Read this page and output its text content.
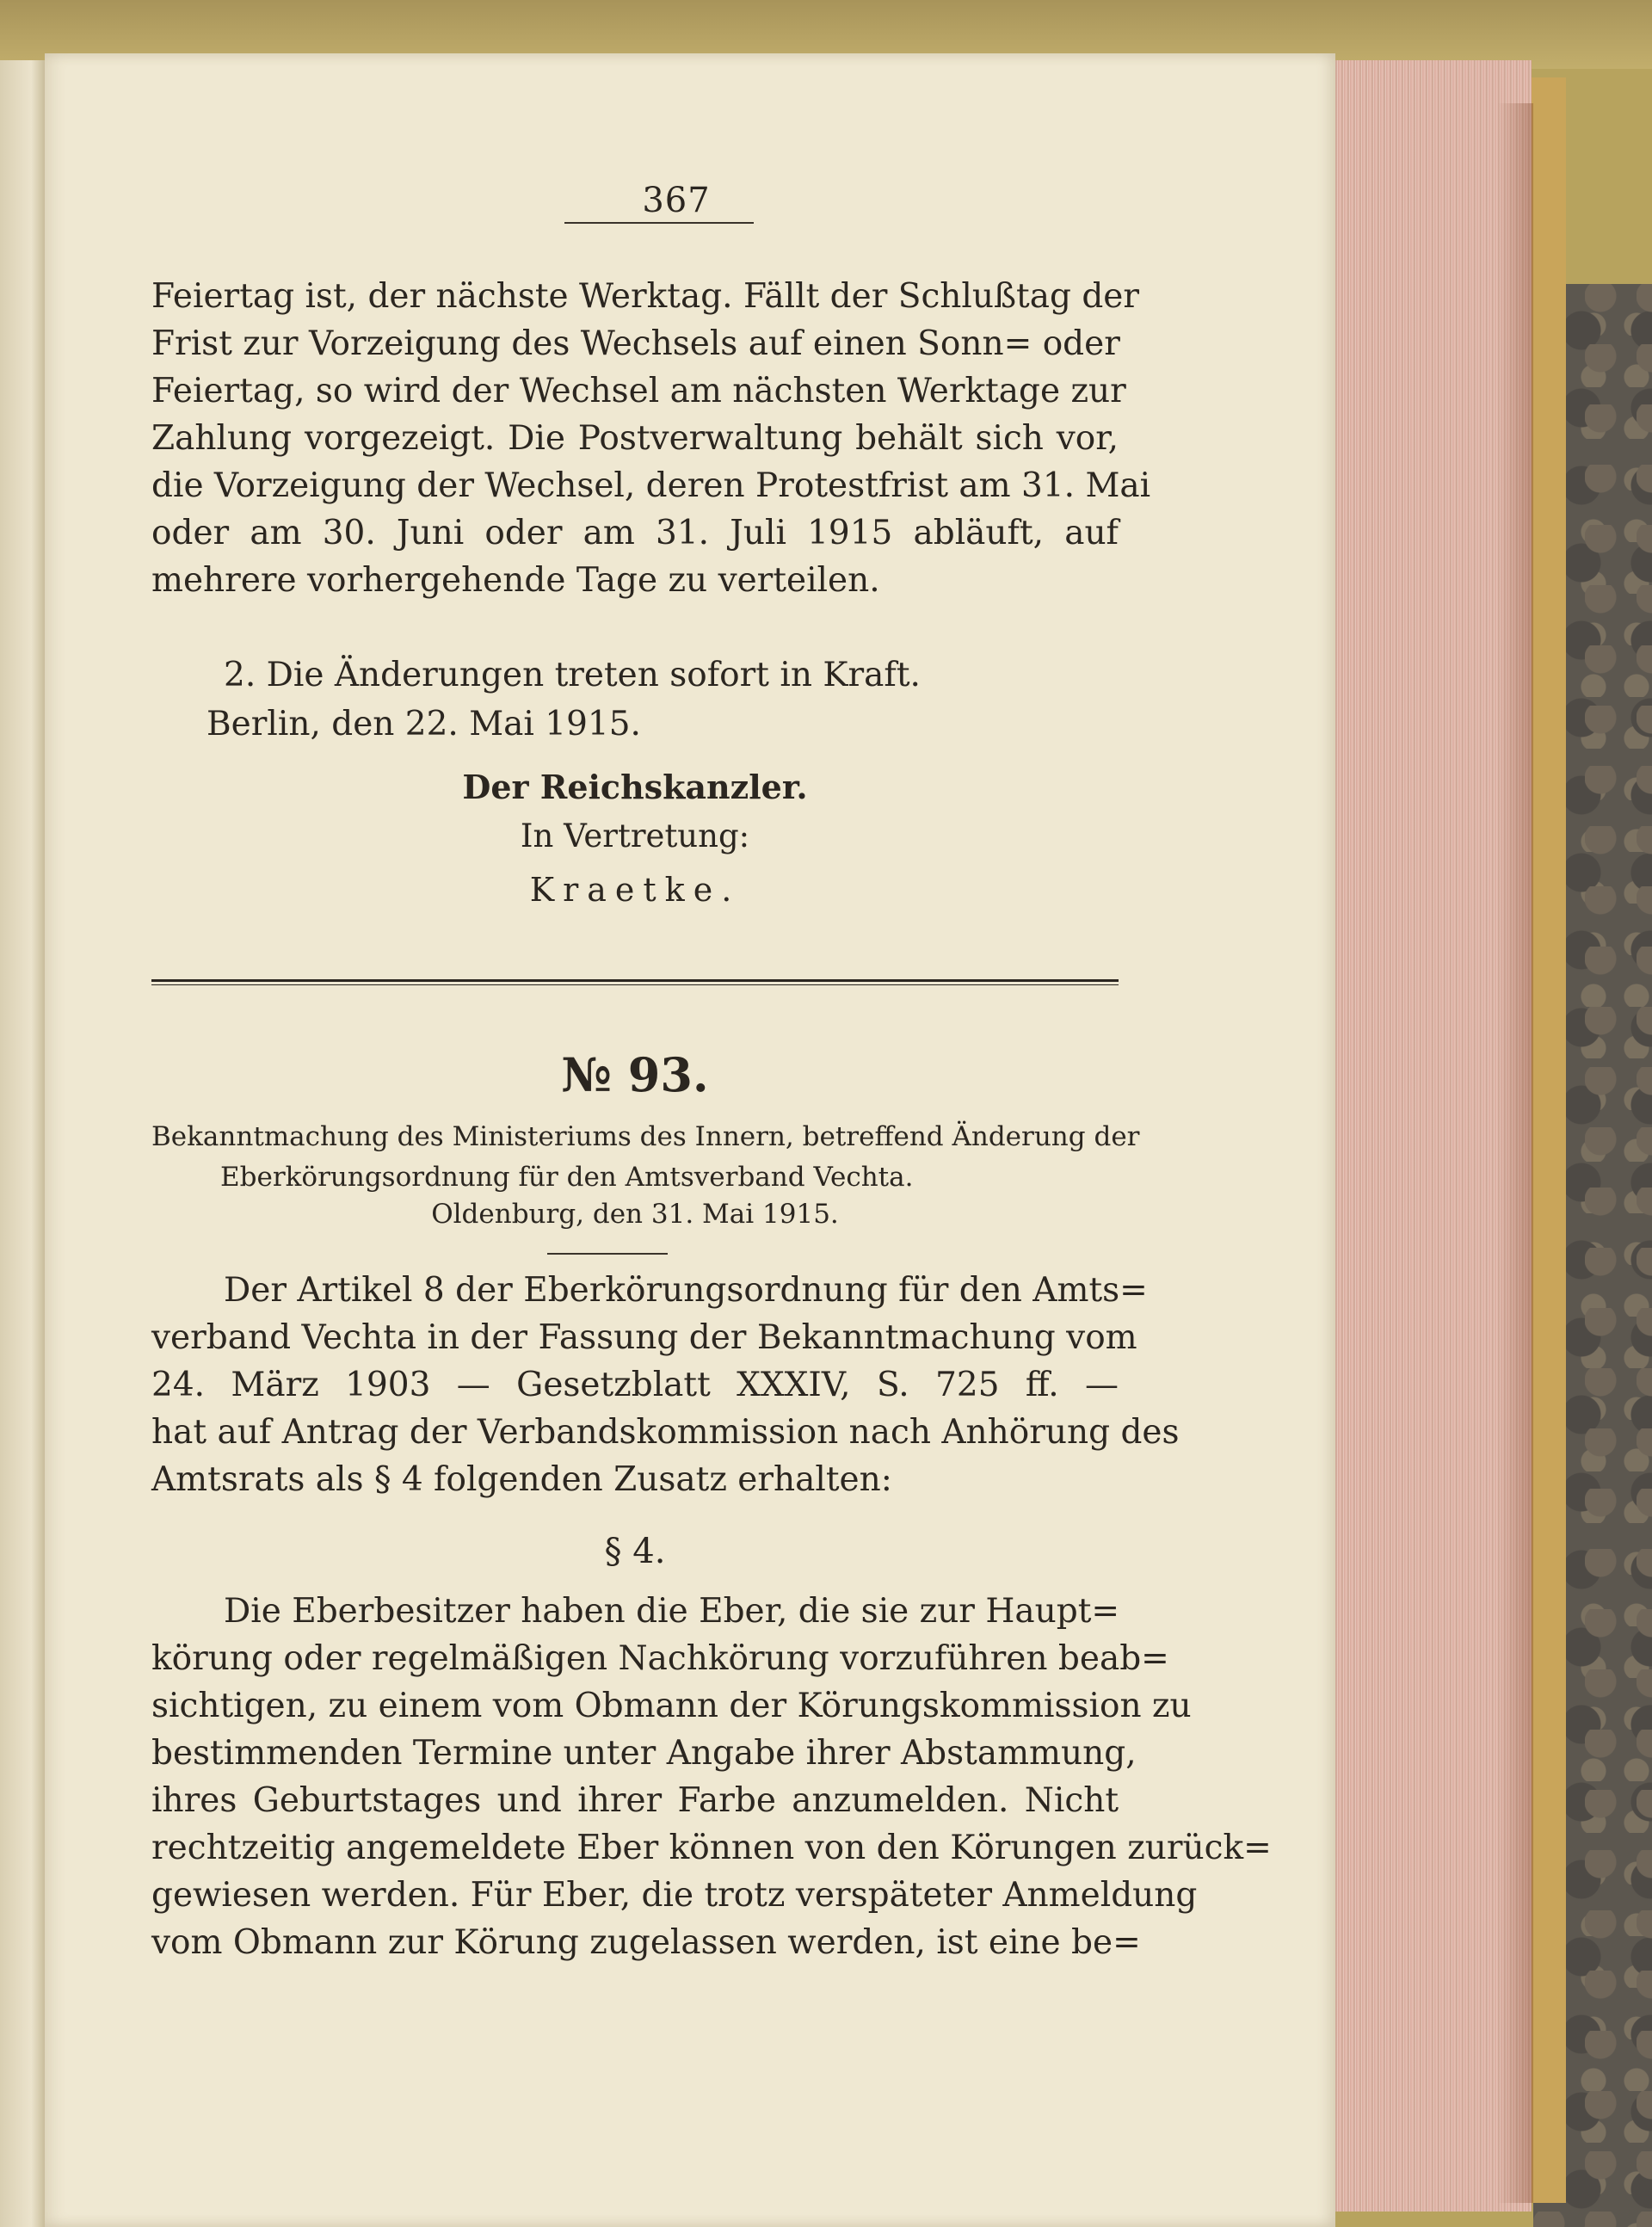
367
Feiertag ist, der nächste Werktag. Fällt der Schlußtag der
Frist zur Vorzeigung des Wechsels auf einen Sonn= oder
Feiertag, so wird der Wechsel am nächsten Werktage zur
Zahlung vorgezeigt. Die Postverwaltung behält sich vor,
die Vorzeigung der Wechsel, deren Protestfrist am 31. Mai
oder am 30. Juni oder am 31. Juli 1915 abläuft, auf
mehrere vorhergehende Tage zu verteilen.
2. Die Änderungen treten sofort in Kraft.
Berlin, den 22. Mai 1915.
Der Reichskanzler.
In Vertretung:
Kraetke.
№ 93.
Bekanntmachung des Ministeriums des Innern, betreffend Änderung der
Eberkörungsordnung für den Amtsverband Vechta.
Oldenburg, den 31. Mai 1915.
Der Artikel 8 der Eberkörungsordnung für den Amts=
verband Vechta in der Fassung der Bekanntmachung vom
24. März 1903 — Gesetzblatt XXXIV, S. 725 ff. —
hat auf Antrag der Verbandskommission nach Anhörung des
Amtsrats als § 4 folgenden Zusatz erhalten:
§ 4.
Die Eberbesitzer haben die Eber, die sie zur Haupt=
körung oder regelmäßigen Nachkörung vorzuführen beab=
sichtigen, zu einem vom Obmann der Körungskommission zu
bestimmenden Termine unter Angabe ihrer Abstammung,
ihres Geburtstages und ihrer Farbe anzumelden. Nicht
rechtzeitig angemeldete Eber können von den Körungen zurück=
gewiesen werden. Für Eber, die trotz verspäteter Anmeldung
vom Obmann zur Körung zugelassen werden, ist eine be=
